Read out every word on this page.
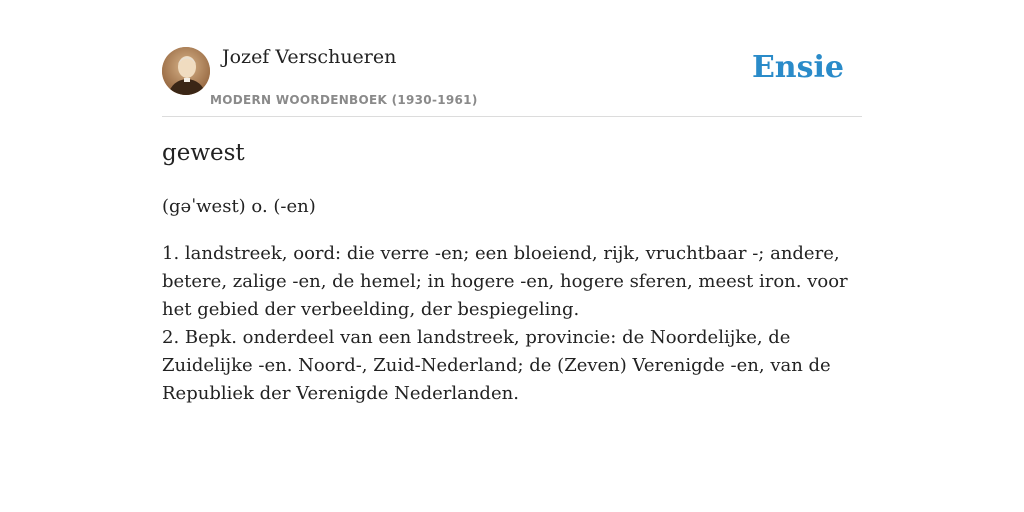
Jozef Verschueren
MODERN WOORDENBOEK (1930-1961)
Ensie
gewest
(gəˈwest) o. (-en)

1. landstreek, oord: die verre -en; een bloeiend, rijk, vruchtbaar -; andere, betere, zalige -en, de hemel; in hogere -en, hogere sferen, meest iron. voor het gebied der verbeelding, der bespiegeling.

2. Bepk. onderdeel van een landstreek, provincie: de Noordelijke, de Zuidelijke -en. Noord-, Zuid-Nederland; de (Zeven) Verenigde -en, van de Republiek der Verenigde Nederlanden.
